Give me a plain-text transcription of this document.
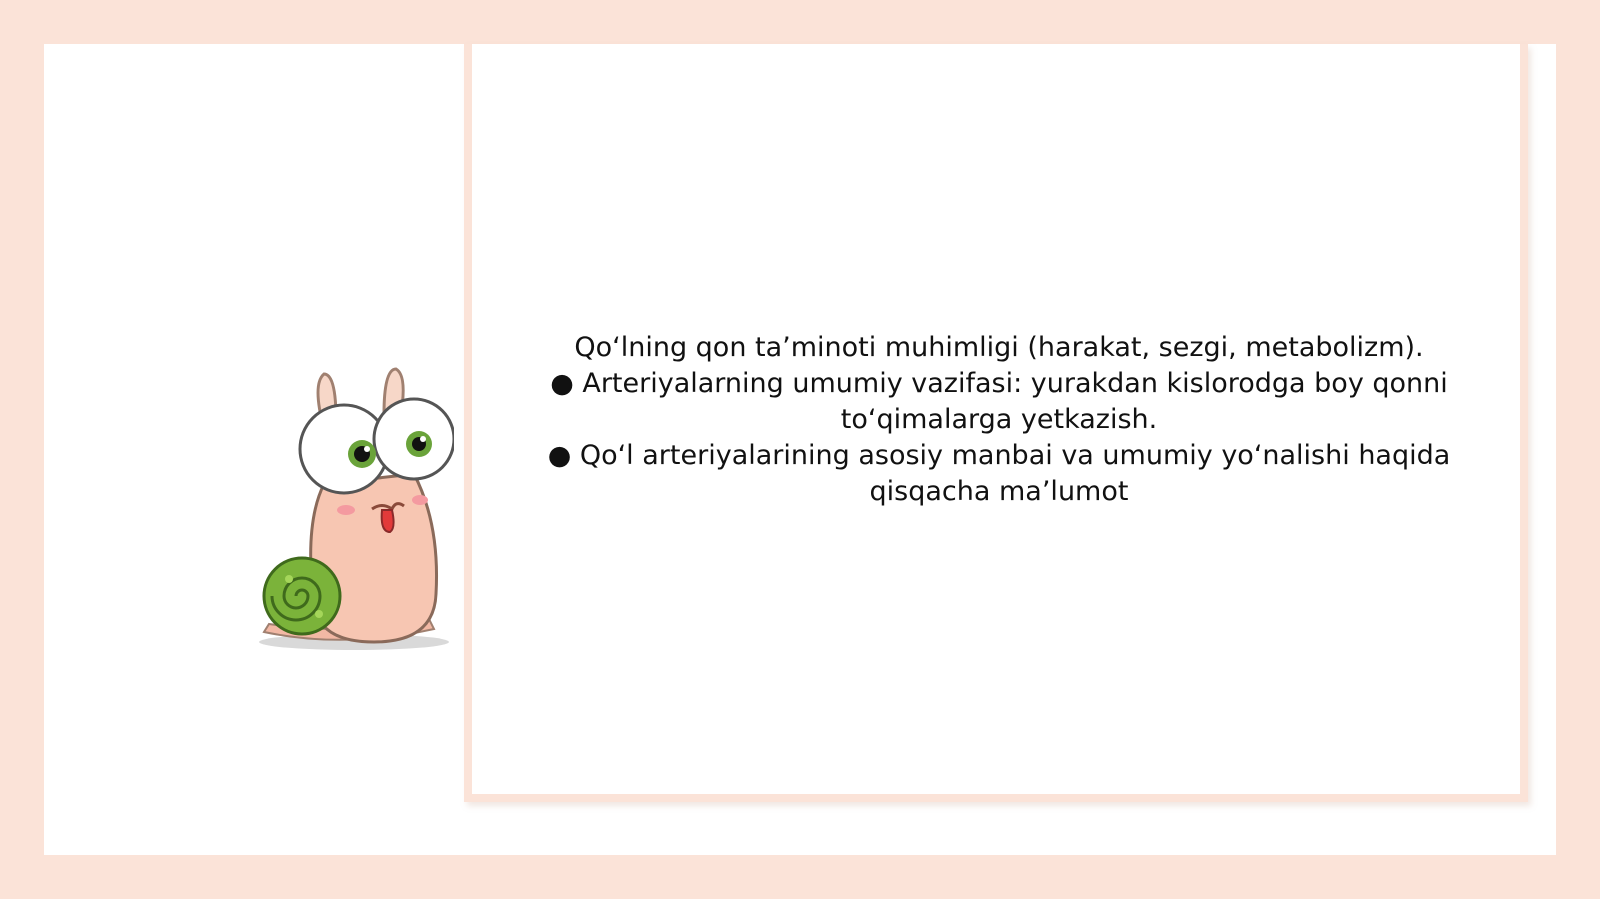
Qo‘lning qon ta’minoti muhimligi (harakat, sezgi, metabolizm).

● Arteriyalarning umumiy vazifasi: yurakdan kislorodga boy qonni to‘qimalarga yetkazish.

● Qo‘l arteriyalarining asosiy manbai va umumiy yo‘nalishi haqida qisqacha ma’lumot
